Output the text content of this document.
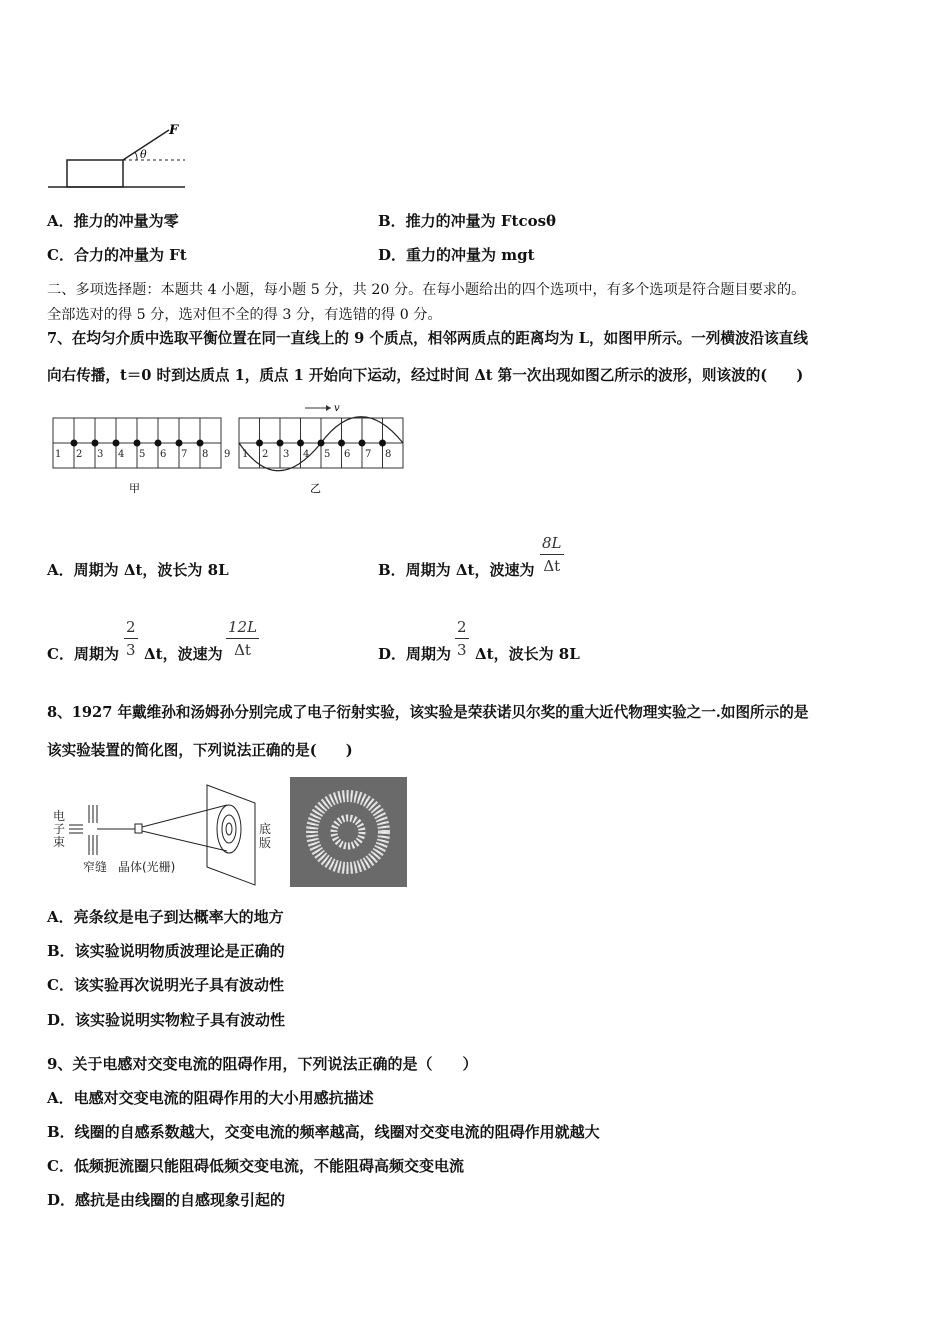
F
θ
A．推力的冲量为零	B．推力的冲量为 Ftcosθ
C．合力的冲量为 Ft	D．重力的冲量为 mgt
二、多项选择题：本题共 4 小题，每小题 5 分，共 20 分。在每小题给出的四个选项中，有多个选项是符合题目要求的。
全部选对的得 5 分，选对但不全的得 3 分，有选错的得 0 分。
7、在均匀介质中选取平衡位置在同一直线上的 9 个质点，相邻两质点的距离均为 L，如图甲所示。一列横波沿该直线
向右传播，t＝0 时到达质点 1，质点 1 开始向下运动，经过时间 Δt 第一次出现如图乙所示的波形，则该波的(　　)
1 2 3 4 5 6 7 8 9
甲
v
1 2 3 4 5 6 7 8
乙
A．周期为 Δt，波长为 8L	B．周期为 Δt，波速为
8L
Δt
C．周期为
2
3 Δt，波速为
12L
Δt	D．周期为
2
3 Δt，波长为 8L
8、1927 年戴维孙和汤姆孙分别完成了电子衍射实验，该实验是荣获诺贝尔奖的重大近代物理实验之一.如图所示的是
该实验装置的简化图，下列说法正确的是(　　)
电
子
束
底
版
窄缝 晶体(光栅)
A．亮条纹是电子到达概率大的地方
B．该实验说明物质波理论是正确的
C．该实验再次说明光子具有波动性
D．该实验说明实物粒子具有波动性
9、关于电感对交变电流的阻碍作用，下列说法正确的是（　　）
A．电感对交变电流的阻碍作用的大小用感抗描述
B．线圈的自感系数越大，交变电流的频率越高，线圈对交变电流的阻碍作用就越大
C．低频扼流圈只能阻碍低频交变电流，不能阻碍高频交变电流
D．感抗是由线圈的自感现象引起的
